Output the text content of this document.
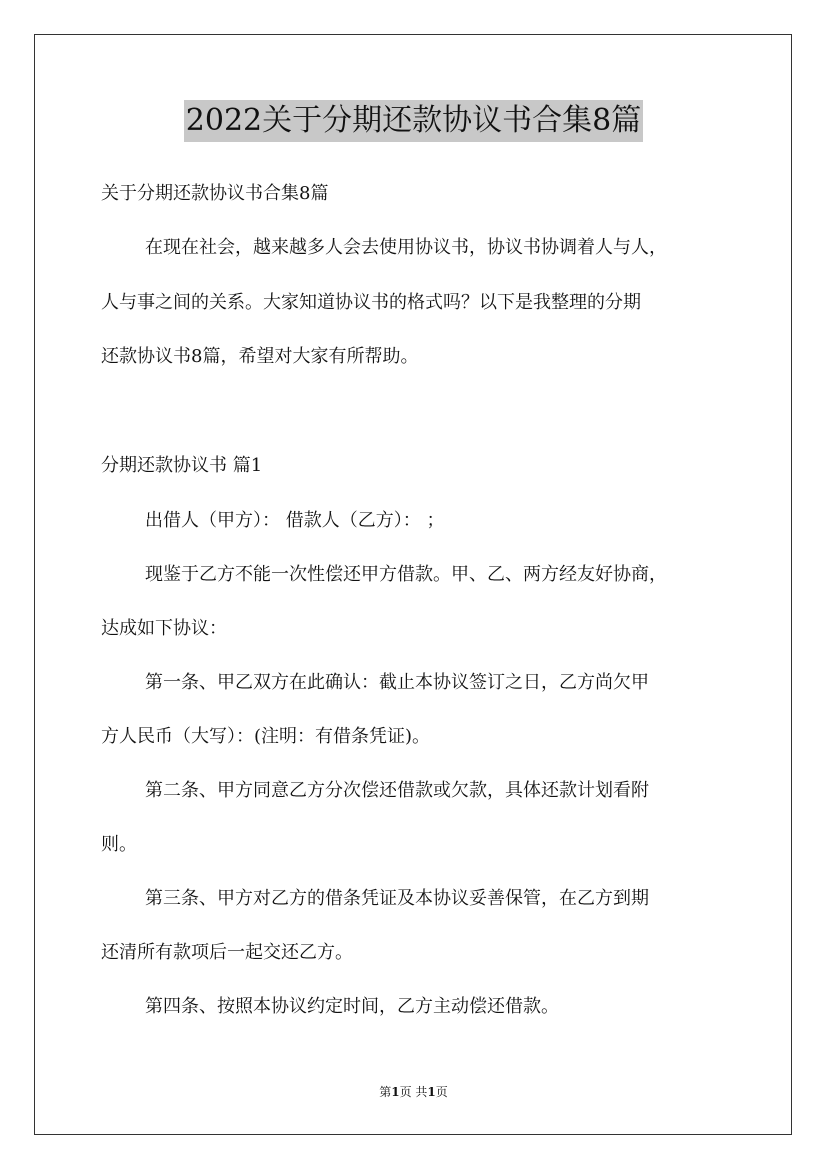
2022关于分期还款协议书合集8篇
关于分期还款协议书合集8篇
在现在社会，越来越多人会去使用协议书，协议书协调着人与人，
人与事之间的关系。大家知道协议书的格式吗？以下是我整理的分期
还款协议书8篇，希望对大家有所帮助。
分期还款协议书 篇1
出借人（甲方）： 借款人（乙方）： ；
现鉴于乙方不能一次性偿还甲方借款。甲、乙、两方经友好协商，
达成如下协议：
第一条、甲乙双方在此确认：截止本协议签订之日，乙方尚欠甲
方人民币（大写）：(注明：有借条凭证)。
第二条、甲方同意乙方分次偿还借款或欠款，具体还款计划看附
则。
第三条、甲方对乙方的借条凭证及本协议妥善保管，在乙方到期
还清所有款项后一起交还乙方。
第四条、按照本协议约定时间，乙方主动偿还借款。
第1页 共1页
